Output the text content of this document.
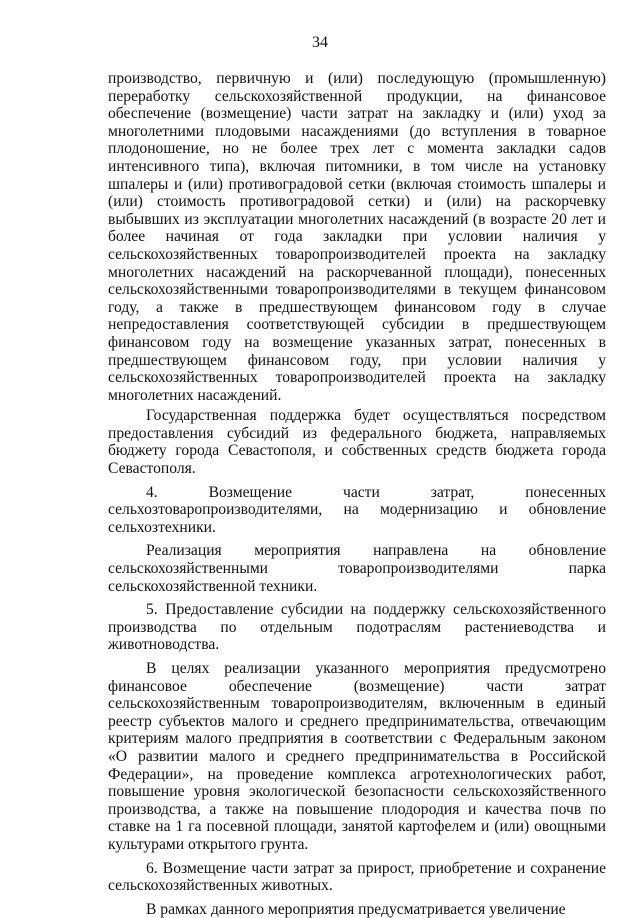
34

производство, первичную и (или) последующую (промышленную) переработку сельскохозяйственной продукции, на финансовое обеспечение (возмещение) части затрат на закладку и (или) уход за многолетними плодовыми насаждениями (до вступления в товарное плодоношение, но не более трех лет с момента закладки садов интенсивного типа), включая питомники, в том числе на установку шпалеры и (или) противоградовой сетки (включая стоимость шпалеры и (или) стоимость противоградовой сетки) и (или) на раскорчевку выбывших из эксплуатации многолетних насаждений (в возрасте 20 лет и более начиная от года закладки при условии наличия у сельскохозяйственных товаропроизводителей проекта на закладку многолетних насаждений на раскорчеванной площади), понесенных сельскохозяйственными товаропроизводителями в текущем финансовом году, а также в предшествующем финансовом году в случае непредоставления соответствующей субсидии в предшествующем финансовом году на возмещение указанных затрат, понесенных в предшествующем финансовом году, при условии наличия у сельскохозяйственных товаропроизводителей проекта на закладку многолетних насаждений.

Государственная поддержка будет осуществляться посредством предоставления субсидий из федерального бюджета, направляемых бюджету города Севастополя, и собственных средств бюджета города Севастополя.

4. Возмещение части затрат, понесенных сельхозтоваропроизводителями, на модернизацию и обновление сельхозтехники.

Реализация мероприятия направлена на обновление сельскохозяйственными товаропроизводителями парка сельскохозяйственной техники.

5. Предоставление субсидии на поддержку сельскохозяйственного производства по отдельным подотраслям растениеводства и животноводства.

В целях реализации указанного мероприятия предусмотрено финансовое обеспечение (возмещение) части затрат сельскохозяйственным товаропроизводителям, включенным в единый реестр субъектов малого и среднего предпринимательства, отвечающим критериям малого предприятия в соответствии с Федеральным законом «О развитии малого и среднего предпринимательства в Российской Федерации», на проведение комплекса агротехнологических работ, повышение уровня экологической безопасности сельскохозяйственного производства, а также на повышение плодородия и качества почв по ставке на 1 га посевной площади, занятой картофелем и (или) овощными культурами открытого грунта.

6. Возмещение части затрат за прирост, приобретение и сохранение сельскохозяйственных животных.

В рамках данного мероприятия предусматривается увеличение
